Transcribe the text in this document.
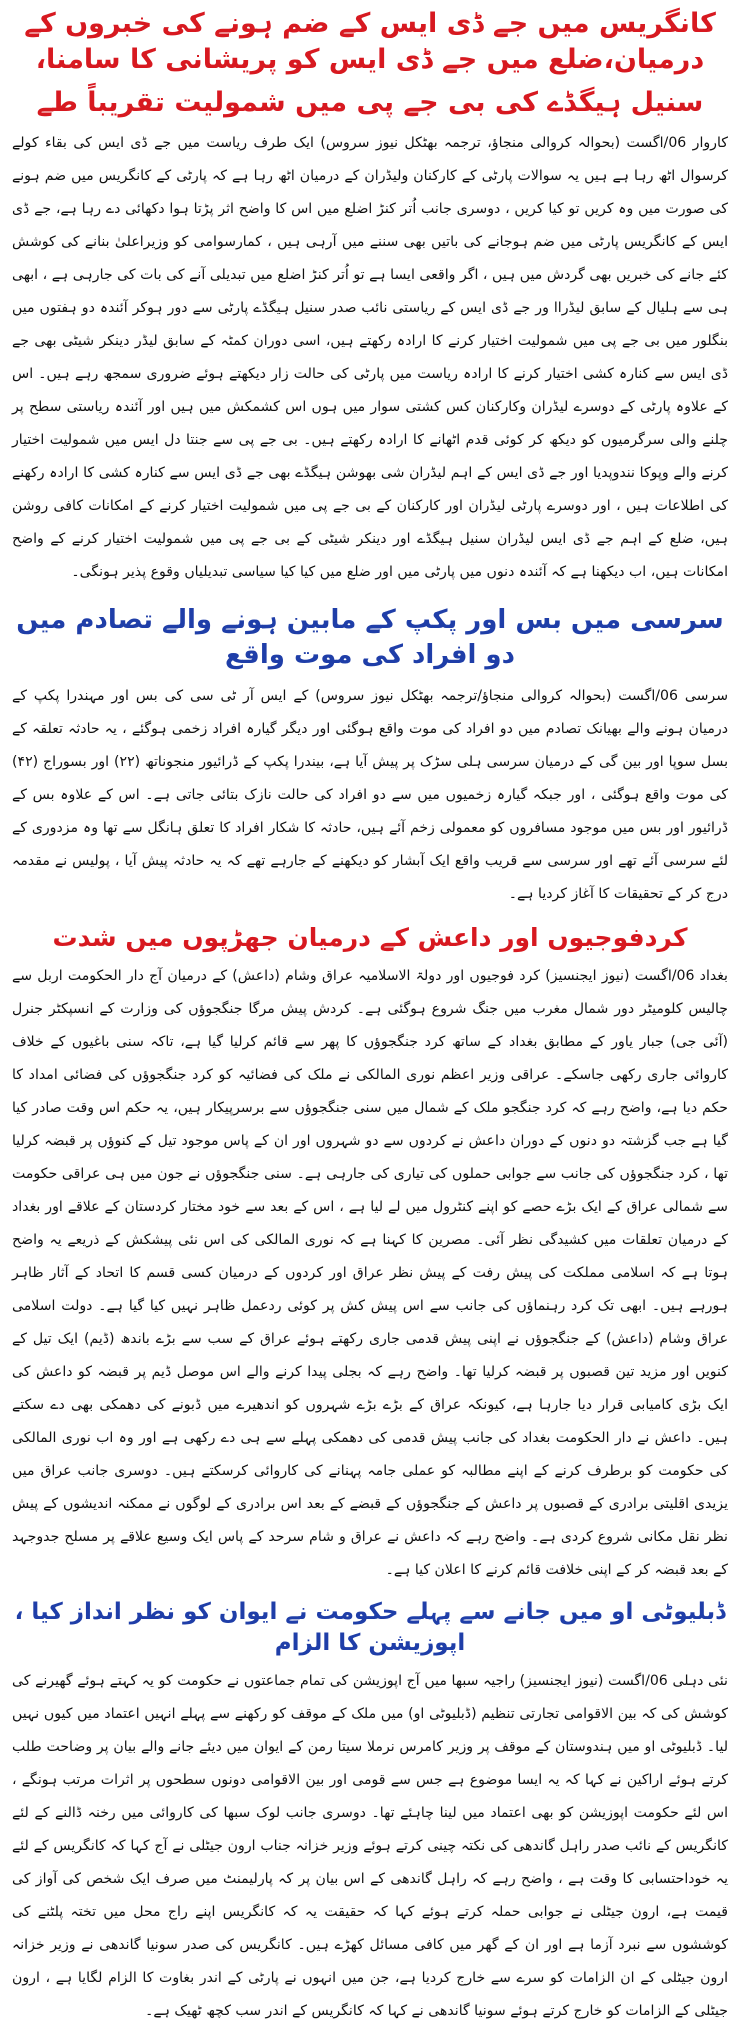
کانگریس میں جے ڈی ایس کے ضم ہونے کی خبروں کے درمیان،ضلع میں جے ڈی ایس کو پریشانی کا سامنا،
سنیل ہیگڈے کی بی جے پی میں شمولیت تقریباً طے

کاروار 06/اگست (بحوالہ کروالی منجاؤ، ترجمہ بھٹکل نیوز سروس) ایک طرف ریاست میں جے ڈی ایس کی بقاء کولے کرسوال اٹھ رہا ہے ہیں یہ سوالات پارٹی کے کارکنان ولیڈران کے درمیان اٹھ رہا ہے کہ پارٹی کے کانگریس میں ضم ہونے کی صورت میں وہ کریں تو کیا کریں ، دوسری جانب اُتر کنڑ اضلع میں اس کا واضح اثر پڑتا ہوا دکھائی دے رہا ہے، جے ڈی ایس کے کانگریس پارٹی میں ضم ہوجانے کی باتیں بھی سننے میں آرہی ہیں ، کمارسوامی کو وزیراعلیٰ بنانے کی کوشش کئے جانے کی خبریں بھی گردش میں ہیں ، اگر واقعی ایسا ہے تو اُتر کنڑ اضلع میں تبدیلی آنے کی بات کی جارہی ہے ، ابھی ہی سے ہلیال کے سابق لیڈراا ور جے ڈی ایس کے ریاستی نائب صدر سنیل ہیگڈے پارٹی سے دور ہوکر آئندہ دو ہفتوں میں بنگلور میں بی جے پی میں شمولیت اختیار کرنے کا ارادہ رکھتے ہیں، اسی دوران کمٹہ کے سابق لیڈر دینکر شیٹی بھی جے ڈی ایس سے کنارہ کشی اختیار کرنے کا ارادہ ریاست میں پارٹی کی حالت زار دیکھتے ہوئے ضروری سمجھ رہے ہیں۔ اس کے علاوہ پارٹی کے دوسرے لیڈران وکارکنان کس کشتی سوار میں ہوں اس کشمکش میں ہیں اور آئندہ ریاستی سطح پر چلنے والی سرگرمیوں کو دیکھ کر کوئی قدم اٹھانے کا ارادہ رکھتے ہیں۔ بی جے پی سے جنتا دل ایس میں شمولیت اختیار کرنے والے وپوکا نندوپدیا اور جے ڈی ایس کے اہم لیڈران شی بھوشن ہیگڈے بھی جے ڈی ایس سے کنارہ کشی کا ارادہ رکھنے کی اطلاعات ہیں ، اور دوسرے پارٹی لیڈران اور کارکنان کے بی جے پی میں شمولیت اختیار کرنے کے امکانات کافی روشن ہیں، ضلع کے اہم جے ڈی ایس لیڈران سنیل ہیگڈے اور دینکر شیٹی کے بی جے پی میں شمولیت اختیار کرنے کے واضح امکانات ہیں، اب دیکھنا ہے کہ آئندہ دنوں میں پارٹی میں اور ضلع میں کیا کیا سیاسی تبدیلیاں وقوع پذیر ہونگی۔

سرسی میں بس اور پکپ کے مابین ہونے والے تصادم میں دو افراد کی موت واقع

سرسی 06/اگست (بحوالہ کروالی منجاؤ/ترجمہ بھٹکل نیوز سروس) کے ایس آر ٹی سی کی بس اور مہندرا پکپ کے درمیان ہونے والے بھیانک تصادم میں دو افراد کی موت واقع ہوگئی اور دیگر گیارہ افراد زخمی ہوگئے ، یہ حادثہ تعلقہ کے بسل سوپا اور بین گی کے درمیان سرسی ہلی سڑک پر پیش آیا ہے، بیندرا پکپ کے ڈرائیور منجوناتھ (۲۲) اور بسوراج (۴۲) کی موت واقع ہوگئی ، اور جبکہ گیارہ زخمیوں میں سے دو افراد کی حالت نازک بتائی جاتی ہے۔ اس کے علاوہ بس کے ڈرائیور اور بس میں موجود مسافروں کو معمولی زخم آئے ہیں، حادثہ کا شکار افراد کا تعلق ہانگل سے تھا وہ مزدوری کے لئے سرسی آئے تھے اور سرسی سے قریب واقع ایک آبشار کو دیکھنے کے جارہے تھے کہ یہ حادثہ پیش آیا ، پولیس نے مقدمہ درج کر کے تحقیقات کا آغاز کردیا ہے۔

کردفوجیوں اور داعش کے درمیان جھڑپوں میں شدت

بغداد 06/اگست (نیوز ایجنسیز) کرد فوجیوں اور دولۃ الاسلامیہ عراق وشام (داعش) کے درمیان آج دار الحکومت اربل سے چالیس کلومیٹر دور شمال مغرب میں جنگ شروع ہوگئی ہے۔ کردش پیش مرگا جنگجوؤں کی وزارت کے انسپکٹر جنرل (آئی جی) جبار یاور کے مطابق بغداد کے ساتھ کرد جنگجوؤں کا پھر سے قائم کرلیا گیا ہے، تاکہ سنی باغیوں کے خلاف کاروائی جاری رکھی جاسکے۔ عراقی وزیر اعظم نوری المالکی نے ملک کی فضائیہ کو کرد جنگجوؤں کی فضائی امداد کا حکم دیا ہے، واضح رہے کہ کرد جنگجو ملک کے شمال میں سنی جنگجوؤں سے برسرپیکار ہیں، یہ حکم اس وقت صادر کیا گیا ہے جب گزشتہ دو دنوں کے دوران داعش نے کردوں سے دو شہروں اور ان کے پاس موجود تیل کے کنوؤں پر قبضہ کرلیا تھا ، کرد جنگجوؤں کی جانب سے جوابی حملوں کی تیاری کی جارہی ہے۔ سنی جنگجوؤں نے جون میں ہی عراقی حکومت سے شمالی عراق کے ایک بڑے حصے کو اپنے کنٹرول میں لے لیا ہے ، اس کے بعد سے خود مختار کردستان کے علاقے اور بغداد کے درمیان تعلقات میں کشیدگی نظر آئی۔ مصرین کا کہنا ہے کہ نوری المالکی کی اس نئی پیشکش کے ذریعے یہ واضح ہوتا ہے کہ اسلامی مملکت کی پیش رفت کے پیش نظر عراق اور کردوں کے درمیان کسی قسم کا اتحاد کے آثار ظاہر ہورہے ہیں۔ ابھی تک کرد رہنماؤں کی جانب سے اس پیش کش پر کوئی ردعمل ظاہر نہیں کیا گیا ہے۔ دولت اسلامی عراق وشام (داعش) کے جنگجوؤں نے اپنی پیش قدمی جاری رکھتے ہوئے عراق کے سب سے بڑے باندھ (ڈیم) ایک تیل کے کنویں اور مزید تین قصبوں پر قبضہ کرلیا تھا۔ واضح رہے کہ بجلی پیدا کرنے والے اس موصل ڈیم پر قبضہ کو داعش کی ایک بڑی کامیابی قرار دیا جارہا ہے، کیونکہ عراق کے بڑے بڑے شہروں کو اندھیرے میں ڈبونے کی دھمکی بھی دے سکتے ہیں۔ داعش نے دار الحکومت بغداد کی جانب پیش قدمی کی دھمکی پہلے سے ہی دے رکھی ہے اور وہ اب نوری المالکی کی حکومت کو برطرف کرنے کے اپنے مطالبہ کو عملی جامہ پہنانے کی کاروائی کرسکتے ہیں۔ دوسری جانب عراق میں یزیدی اقلیتی برادری کے قصبوں پر داعش کے جنگجوؤں کے قبضے کے بعد اس برادری کے لوگوں نے ممکنہ اندیشوں کے پیش نظر نقل مکانی شروع کردی ہے۔ واضح رہے کہ داعش نے عراق و شام سرحد کے پاس ایک وسیع علاقے پر مسلح جدوجہد کے بعد قبضہ کر کے اپنی خلافت قائم کرنے کا اعلان کیا ہے۔

ڈبلیوٹی او میں جانے سے پہلے حکومت نے ایوان کو نظر انداز کیا ، اپوزیشن کا الزام

نئی دہلی 06/اگست (نیوز ایجنسیز) راجیہ سبھا میں آج اپوزیشن کی تمام جماعتوں نے حکومت کو یہ کہتے ہوئے گھیرنے کی کوشش کی کہ بین الاقوامی تجارتی تنظیم (ڈبلیوٹی او) میں ملک کے موقف کو رکھنے سے پہلے انہیں اعتماد میں کیوں نہیں لیا۔ ڈبلیوٹی او میں ہندوستان کے موقف پر وزیر کامرس نرملا سیتا رمن کے ایوان میں دیئے جانے والے بیان پر وضاحت طلب کرتے ہوئے اراکین نے کہا کہ یہ ایسا موضوع ہے جس سے قومی اور بین الاقوامی دونوں سطحوں پر اثرات مرتب ہونگے ، اس لئے حکومت اپوزیشن کو بھی اعتماد میں لینا چاہئے تھا۔ دوسری جانب لوک سبھا کی کاروائی میں رخنہ ڈالنے کے لئے کانگریس کے نائب صدر راہل گاندھی کی نکتہ چینی کرتے ہوئے وزیر خزانہ جناب ارون جیٹلی نے آج کہا کہ کانگریس کے لئے یہ خوداحتسابی کا وقت ہے ، واضح رہے کہ راہل گاندھی کے اس بیان پر کہ پارلیمنٹ میں صرف ایک شخص کی آواز کی قیمت ہے، ارون جیٹلی نے جوابی حملہ کرتے ہوئے کہا کہ حقیقت یہ کہ کانگریس اپنے راج محل میں تختہ پلٹنے کی کوششوں سے نبرد آزما ہے اور ان کے گھر میں کافی مسائل کھڑے ہیں۔ کانگریس کی صدر سونیا گاندھی نے وزیر خزانہ ارون جیٹلی کے ان الزامات کو سرے سے خارج کردیا ہے، جن میں انہوں نے پارٹی کے اندر بغاوت کا الزام لگایا ہے ، ارون جیٹلی کے الزامات کو خارج کرتے ہوئے سونیا گاندھی نے کہا کہ کانگریس کے اندر سب کچھ ٹھیک ہے۔
